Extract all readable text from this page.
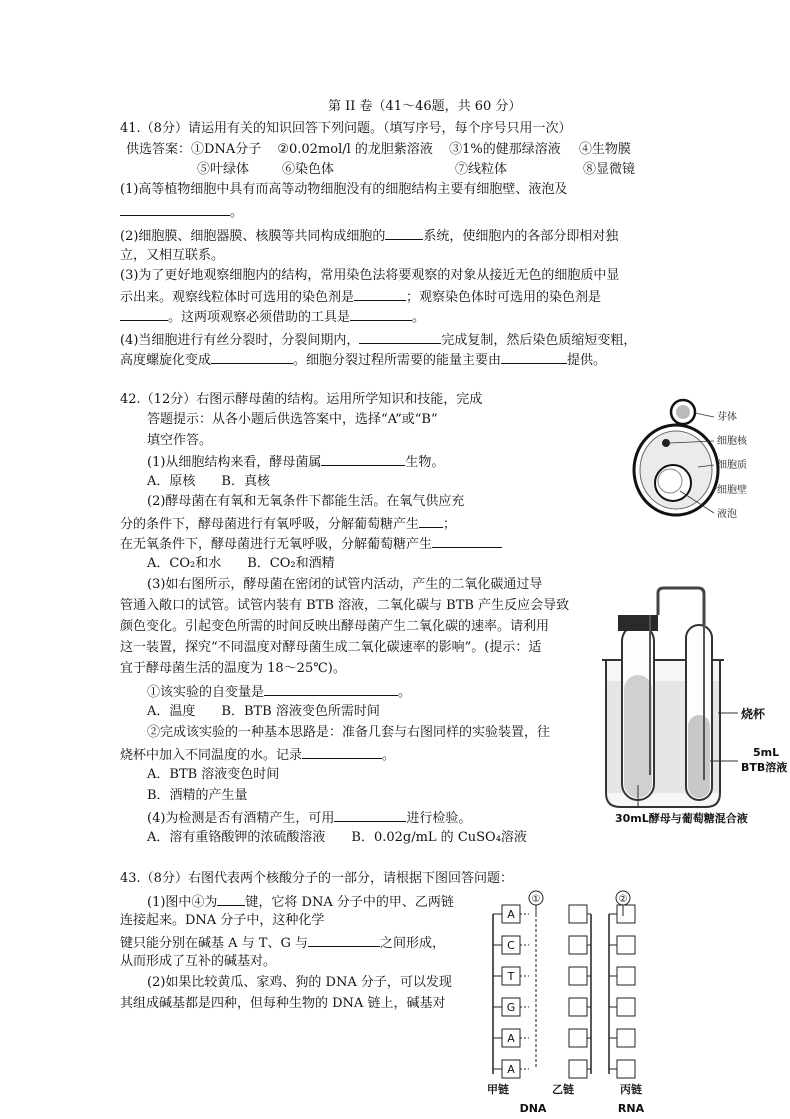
第 II 卷（41～46题，共 60 分）
41.（8分）请运用有关的知识回答下列问题。（填写序号，每个序号只用一次）
供选答案：①DNA分子 ②0.02mol/l 的龙胆紫溶液 ③1%的健那绿溶液 ④生物膜
⑤叶绿体	⑥染色体	⑦线粒体	⑧显微镜
(1)高等植物细胞中具有而高等动物细胞没有的细胞结构主要有细胞壁、液泡及
。
(2)细胞膜、细胞器膜、核膜等共同构成细胞的	系统，使细胞内的各部分即相对独
立，又相互联系。
(3)为了更好地观察细胞内的结构，常用染色法将要观察的对象从接近无色的细胞质中显
示出来。观察线粒体时可选用的染色剂是	；观察染色体时可选用的染色剂是
。这两项观察必须借助的工具是	。
(4)当细胞进行有丝分裂时，分裂间期内，	完成复制，然后染色质缩短变粗，
高度螺旋化变成	。细胞分裂过程所需要的能量主要由	提供。
42.（12分）右图示酵母菌的结构。运用所学知识和技能，完成
答题提示：从各小题后供选答案中，选择“A”或“B”
填空作答。
(1)从细胞结构来看，酵母菌属	生物。
A．原核　　B．真核
(2)酵母菌在有氧和无氧条件下都能生活。在氧气供应充
分的条件下，酵母菌进行有氧呼吸，分解葡萄糖产生 ；
在无氧条件下，酵母菌进行无氧呼吸，分解葡萄糖产生
A．CO₂和水　　B．CO₂和酒精
(3)如右图所示，酵母菌在密闭的试管内活动，产生的二氧化碳通过导
管通入敞口的试管。试管内装有 BTB 溶液，二氧化碳与 BTB 产生反应会导致
颜色变化。引起变色所需的时间反映出酵母菌产生二氧化碳的速率。请利用
这一装置，探究“不同温度对酵母菌生成二氧化碳速率的影响”。(提示：适
宜于酵母菌生活的温度为 18～25℃)。
①该实验的自变量是	。
A．温度　　B．BTB 溶液变色所需时间
②完成该实验的一种基本思路是：准备几套与右图同样的实验装置，往
烧杯中加入不同温度的水。记录	。
A．BTB 溶液变色时间
B．酒精的产生量
(4)为检测是否有酒精产生，可用	进行检验。
A．溶有重铬酸钾的浓硫酸溶液　　B．0.02g/mL 的 CuSO₄溶液
芽体
细胞核
细胞质
细胞壁
液泡
烧杯
5mL
BTB溶液
30mL酵母与葡萄糖混合液
43.（8分）右图代表两个核酸分子的一部分，请根据下图回答问题：
(1)图中④为 键，它将 DNA 分子中的甲、乙两链
连接起来。DNA 分子中，这种化学
键只能分别在碱基 A 与 T、G 与	之间形成，
从而形成了互补的碱基对。
(2)如果比较黄瓜、家鸡、狗的 DNA 分子，可以发现
其组成碱基都是四种，但每种生物的 DNA 链上，碱基对
A
C
T
G
A
A
①	②
甲链	乙链	丙链
DNA	RNA
